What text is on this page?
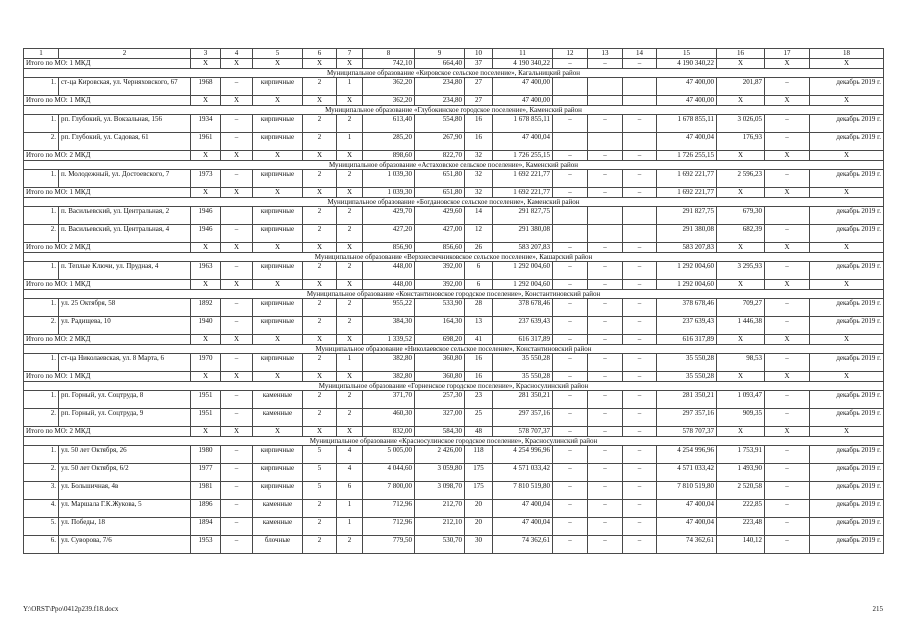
1	2	3	4	5	6	7	8	9	10	11	12	13	14	15	16	17	18
Итого по МО: 1 МКД		X	X	X	X	X	742,10	664,40	37	4 190 340,22	–	–	–	4 190 340,22	X	X	X
Муниципальное образование «Кировское сельское поселение», Кагальницкий район																	
1.	ст-ца Кировская, ул. Черняховского, 67	1968	–	кирпичные	2	1	362,20	234,80	27	47 400,00				47 400,00	201,87	–	декабрь 2019 г.
Итого по МО: 1 МКД		X	X	X	X	X	362,20	234,80	27	47 400,00				47 400,00	X	X	X
Муниципальное образование «Глубокинское городское поселение», Каменский район																	
1.	рп. Глубокий, ул. Вокзальная, 156	1934	–	кирпичные	2	2	613,40	554,80	16	1 678 855,11	–	–	–	1 678 855,11	3 026,05	–	декабрь 2019 г.
2.	рп. Глубокий, ул. Садовая, 61	1961	–	кирпичные	2	1	285,20	267,90	16	47 400,04				47 400,04	176,93	–	декабрь 2019 г.
Итого по МО: 2 МКД		X	X	X	X	X	898,60	822,70	32	1 726 255,15	–	–	–	1 726 255,15	X	X	X
Муниципальное образование «Астаховское сельское поселение», Каменский район																	
1.	п. Молодежный, ул. Достоевского, 7	1973	–	кирпичные	2	2	1 039,30	651,80	32	1 692 221,77	–	–	–	1 692 221,77	2 596,23	–	декабрь 2019 г.
Итого по МО: 1 МКД		X	X	X	X	X	1 039,30	651,80	32	1 692 221,77	–	–	–	1 692 221,77	X	X	X
Муниципальное образование «Богдановское сельское поселение», Каменский район																	
1.	п. Васильевский, ул. Центральная, 2	1946		кирпичные	2	2	429,70	429,60	14	291 827,75				291 827,75	679,30		декабрь 2019 г.
2.	п. Васильевский, ул. Центральная, 4	1946	–	кирпичные	2	2	427,20	427,00	12	291 380,08				291 380,08	682,39	–	декабрь 2019 г.
Итого по МО: 2 МКД		X	X	X	X	X	856,90	856,60	26	583 207,83	–	–	–	583 207,83	X	X	X
Муниципальное образование «Верхнесвечниковское сельское поселение», Кашарский район																	
1.	п. Теплые Ключи, ул. Прудная, 4	1963	–	кирпичные	2	2	448,00	392,00	6	1 292 004,60	–	–	–	1 292 004,60	3 295,93	–	декабрь 2019 г.
Итого по МО: 1 МКД		X	X	X	X	X	448,00	392,00	6	1 292 004,60	–	–	–	1 292 004,60	X	X	X
Муниципальное образование «Константиновское городское поселение», Константиновский район																	
1.	ул. 25 Октября, 58	1892	–	кирпичные	2	2	955,22	533,90	28	378 678,46	–	–	–	378 678,46	709,27	–	декабрь 2019 г.
2.	ул. Радищева, 10	1940	–	кирпичные	2	2	384,30	164,30	13	237 639,43	–	–	–	237 639,43	1 446,38	–	декабрь 2019 г.
Итого по МО: 2 МКД		X	X	X	X	X	1 339,52	698,20	41	616 317,89	–	–	–	616 317,89	X	X	X
Муниципальное образование «Николаевское сельское поселение», Константиновский район																	
1.	ст-ца Николаевская, ул. 8 Марта, 6	1970	–	кирпичные	2	1	382,80	360,80	16	35 550,28	–	–	–	35 550,28	98,53	–	декабрь 2019 г.
Итого по МО: 1 МКД		X	X	X	X	X	382,80	360,80	16	35 550,28	–	–	–	35 550,28	X	X	X
Муниципальное образование «Горненское городское поселение», Красносулинский район																	
1.	рп. Горный, ул. Соцтруда, 8	1951	–	каменные	2	2	371,70	257,30	23	281 350,21	–	–	–	281 350,21	1 093,47	–	декабрь 2019 г.
2.	рп. Горный, ул. Соцтруда, 9	1951	–	каменные	2	2	460,30	327,00	25	297 357,16	–	–	–	297 357,16	909,35	–	декабрь 2019 г.
Итого по МО: 2 МКД		X	X	X	X	X	832,00	584,30	48	578 707,37	–	–	–	578 707,37	X	X	X
Муниципальное образование «Красносулинское городское поселение», Красносулинский район																	
1.	ул. 50 лет Октября, 26	1980	–	кирпичные	5	4	5 005,00	2 426,00	118	4 254 996,96	–	–	–	4 254 996,96	1 753,91	–	декабрь 2019 г.
2.	ул. 50 лет Октября, 6/2	1977	–	кирпичные	5	4	4 044,60	3 059,80	175	4 571 033,42	–	–	–	4 571 033,42	1 493,90	–	декабрь 2019 г.
3.	ул. Большичная, 4в	1981	–	кирпичные	5	6	7 800,00	3 098,70	175	7 810 519,80	–	–	–	7 810 519,80	2 520,58	–	декабрь 2019 г.
4.	ул. Маршала Г.К.Жукова, 5	1896	–	каменные	2	1	712,96	212,70	20	47 400,04	–	–	–	47 400,04	222,85	–	декабрь 2019 г.
5.	ул. Победы, 18	1894	–	каменные	2	1	712,96	212,10	20	47 400,04	–	–	–	47 400,04	223,48	–	декабрь 2019 г.
6.	ул. Суворова, 7/6	1953	–	блочные	2	2	779,50	530,70	30	74 362,61	–	–	–	74 362,61	140,12	–	декабрь 2019 г.
Y:\ORST\Ppo\0412p239.f18.docx	215
